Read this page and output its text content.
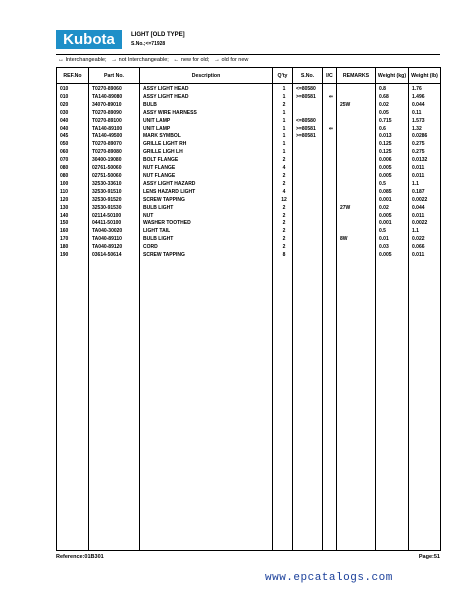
Kubota	LIGHT [OLD TYPE]
S.No.;<=71928
↔ Interchangeable; → not Interchangeable; ← new for old; → old for new
REF.No	Part No.	Description	Q'ty	S.No.	I/C	REMARKS	Weight (kg)	Weight (lb)
010	T0270-89060	ASSY LIGHT HEAD	1	<=80580			0.8	1.76
010	TA140-89080	ASSY LIGHT HEAD	1	>=80581	⇐		0.68	1.496
020	34070-89010	BULB	2			25W	0.02	0.044
030	T0270-89090	ASSY WIRE HARNESS	1				0.05	0.11
040	T0270-89100	UNIT LAMP	1	<=80580			0.715	1.573
040	TA140-89100	UNIT LAMP	1	>=80581	⇐		0.6	1.32
045	TA140-49500	MARK SYMBOL	1	>=80581			0.013	0.0286
050	T0270-89070	GRILLE LIGHT RH	1				0.125	0.275
060	T0270-89080	GRILLE LIGH LH	1				0.125	0.275
070	30400-19080	BOLT FLANGE	2				0.006	0.0132
080	02761-50060	NUT FLANGE	4				0.005	0.011
080	02751-50060	NUT FLANGE	2				0.005	0.011
100	32530-33610	ASSY LIGHT HAZARD	2				0.5	1.1
110	32530-91510	LENS HAZARD LIGHT	4				0.085	0.187
120	32530-91520	SCREW TAPPING	12				0.001	0.0022
130	32530-91530	BULB LIGHT	2			27W	0.02	0.044
140	02114-50100	NUT	2				0.005	0.011
150	04411-50100	WASHER TOOTHED	2				0.001	0.0022
160	TA040-30020	LIGHT TAIL	2				0.5	1.1
170	TA040-89110	BULB LIGHT	2			8W	0.01	0.022
180	TA040-89120	CORD	2				0.03	0.066
190	03614-50614	SCREW TAPPING	8				0.005	0.011

Reference:01B301	Page:51
www.epcatalogs.com
